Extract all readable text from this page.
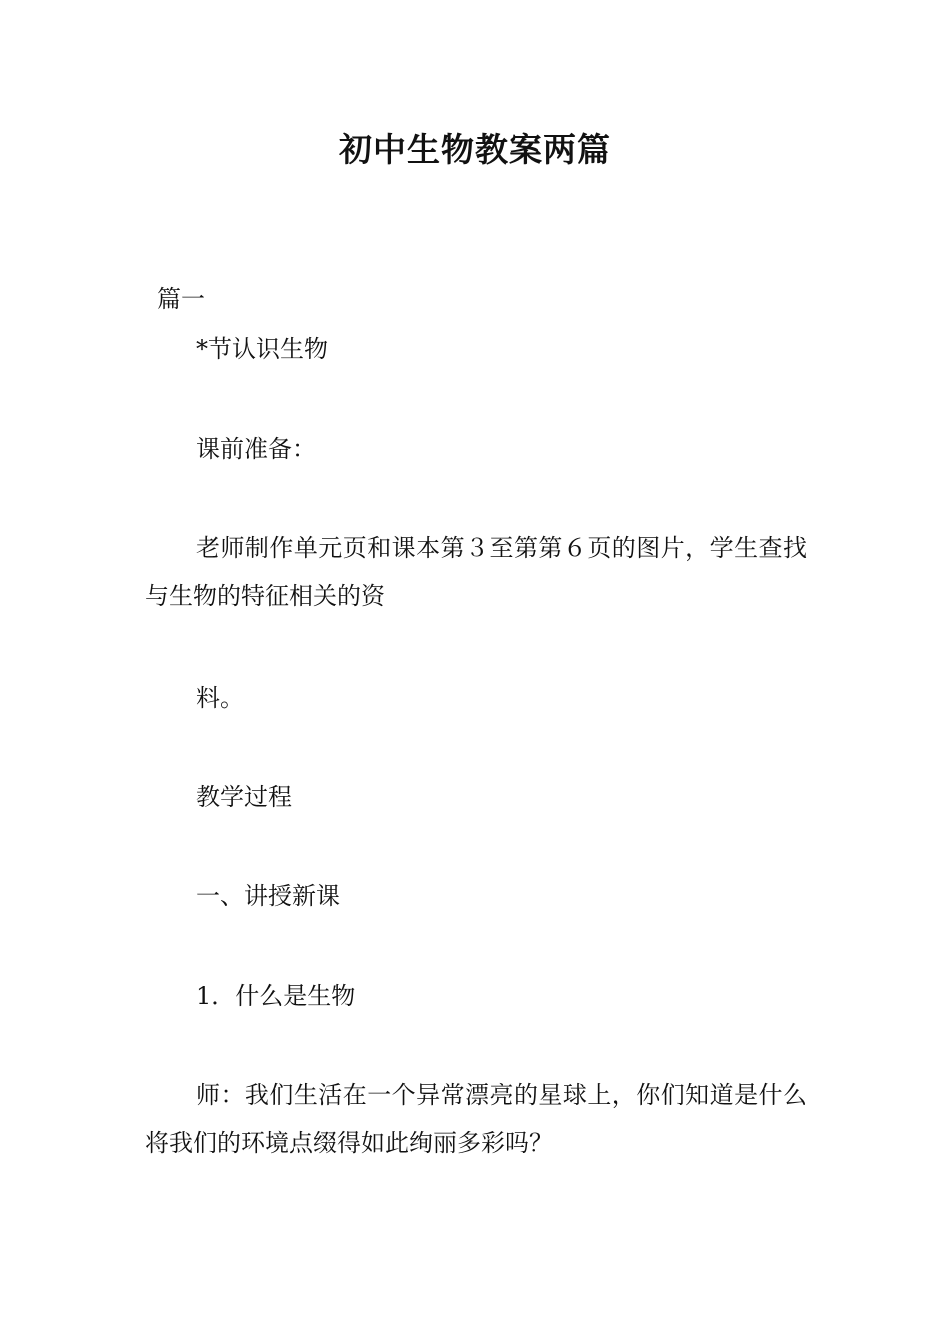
初中生物教案两篇
篇一
*节认识生物
课前准备：
老师制作单元页和课本第３至第第６页的图片，学生查找与生物的特征相关的资
料。
教学过程
一、讲授新课
1．什么是生物
师：我们生活在一个异常漂亮的星球上，你们知道是什么将我们的环境点缀得如此绚丽多彩吗？
